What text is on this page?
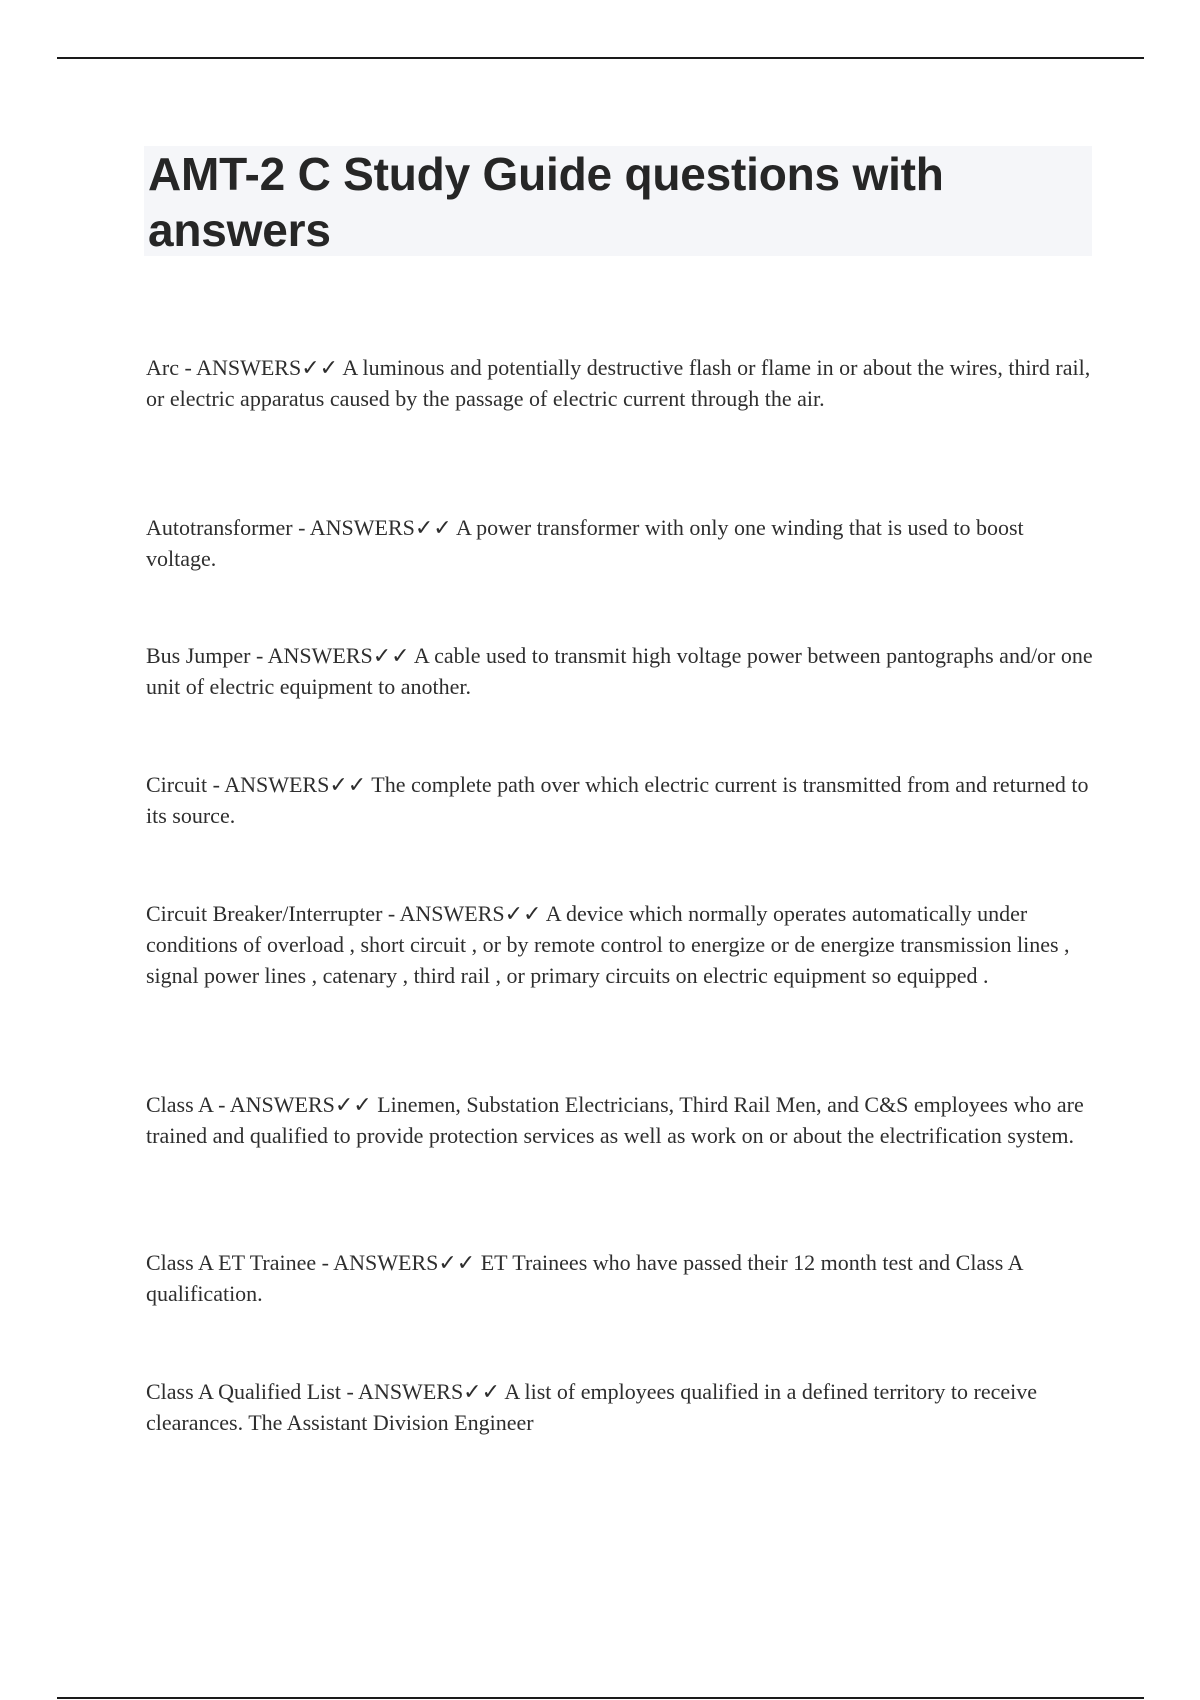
AMT-2 C Study Guide questions with answers

Arc - ANSWERS✓✓ A luminous and potentially destructive flash or flame in or about the wires, third rail, or electric apparatus caused by the passage of electric current through the air.

Autotransformer - ANSWERS✓✓ A power transformer with only one winding that is used to boost voltage.

Bus Jumper - ANSWERS✓✓ A cable used to transmit high voltage power between pantographs and/or one unit of electric equipment to another.

Circuit - ANSWERS✓✓ The complete path over which electric current is transmitted from and returned to its source.

Circuit Breaker/Interrupter - ANSWERS✓✓ A device which normally operates automatically under conditions of overload , short circuit , or by remote control to energize or de energize transmission lines , signal power lines , catenary , third rail , or primary circuits on electric equipment so equipped .

Class A - ANSWERS✓✓ Linemen, Substation Electricians, Third Rail Men, and C&S employees who are trained and qualified to provide protection services as well as work on or about the electrification system.

Class A ET Trainee - ANSWERS✓✓ ET Trainees who have passed their 12 month test and Class A qualification.

Class A Qualified List - ANSWERS✓✓ A list of employees qualified in a defined territory to receive clearances. The Assistant Division Engineer
